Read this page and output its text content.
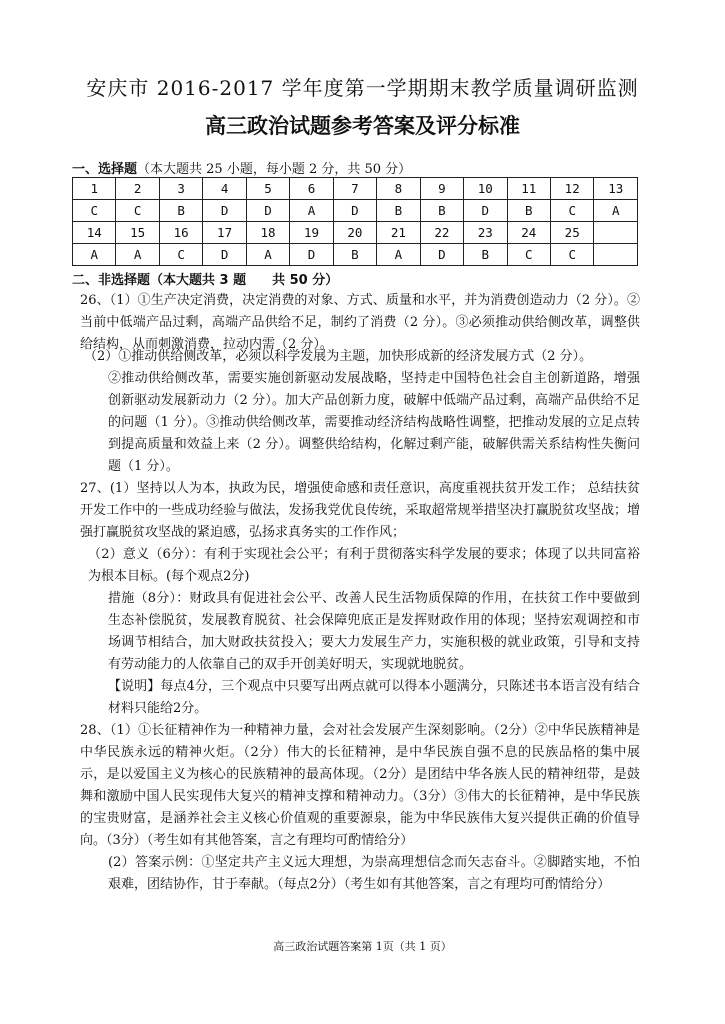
安庆市 2016-2017 学年度第一学期期末教学质量调研监测
高三政治试题参考答案及评分标准
一、选择题（本大题共 25 小题，每小题 2 分，共 50 分）
1	2	3	4	5	6	7	8	9	10	11	12	13
C	C	B	D	D	A	D	B	B	D	B	C	A
14	15	16	17	18	19	20	21	22	23	24	25	
A	A	C	D	A	D	B	A	D	B	C	C	
二、非选择题（本大题共 3 题　　共 50 分）
26、（1）①生产决定消费，决定消费的对象、方式、质量和水平，并为消费创造动力（2 分）。②当前中低端产品过剩，高端产品供给不足，制约了消费（2 分）。③必须推动供给侧改革，调整供给结构，从而刺激消费，拉动内需（2 分）。
（2）①推动供给侧改革，必须以科学发展为主题，加快形成新的经济发展方式（2 分）。
②推动供给侧改革，需要实施创新驱动发展战略，坚持走中国特色社会自主创新道路，增强创新驱动发展新动力（2 分）。加大产品创新力度，破解中低端产品过剩，高端产品供给不足的问题（1 分）。③推动供给侧改革，需要推动经济结构战略性调整，把推动发展的立足点转到提高质量和效益上来（2 分）。调整供给结构，化解过剩产能，破解供需关系结构性失衡问题（1 分）。
27、(1）坚持以人为本，执政为民，增强使命感和责任意识，高度重视扶贫开发工作； 总结扶贫开发工作中的一些成功经验与做法，发扬我党优良传统，采取超常规举措坚决打赢脱贫攻坚战；增强打赢脱贫攻坚战的紧迫感，弘扬求真务实的工作作风；
（2）意义（6分）：有利于实现社会公平；有利于贯彻落实科学发展的要求；体现了以共同富裕为根本目标。(每个观点2分)
措施（8分）：财政具有促进社会公平、改善人民生活物质保障的作用，在扶贫工作中要做到生态补偿脱贫，发展教育脱贫、社会保障兜底正是发挥财政作用的体现；坚持宏观调控和市场调节相结合，加大财政扶贫投入；要大力发展生产力，实施积极的就业政策，引导和支持有劳动能力的人依靠自己的双手开创美好明天，实现就地脱贫。
【说明】每点4分，三个观点中只要写出两点就可以得本小题满分，只陈述书本语言没有结合材料只能给2分。
28、（1）①长征精神作为一种精神力量，会对社会发展产生深刻影响。（2分）②中华民族精神是中华民族永远的精神火炬。（2分）伟大的长征精神，是中华民族自强不息的民族品格的集中展示，是以爱国主义为核心的民族精神的最高体现。（2分）是团结中华各族人民的精神纽带，是鼓舞和激励中国人民实现伟大复兴的精神支撑和精神动力。（3分）③伟大的长征精神，是中华民族的宝贵财富，是涵养社会主义核心价值观的重要源泉，能为中华民族伟大复兴提供正确的价值导向。（3分）（考生如有其他答案，言之有理均可酌情给分）
(2）答案示例：①坚定共产主义远大理想，为崇高理想信念而矢志奋斗。②脚踏实地，不怕艰难，团结协作，甘于奉献。（每点2分）（考生如有其他答案，言之有理均可酌情给分）
高三政治试题答案第 1页（共 1 页）
